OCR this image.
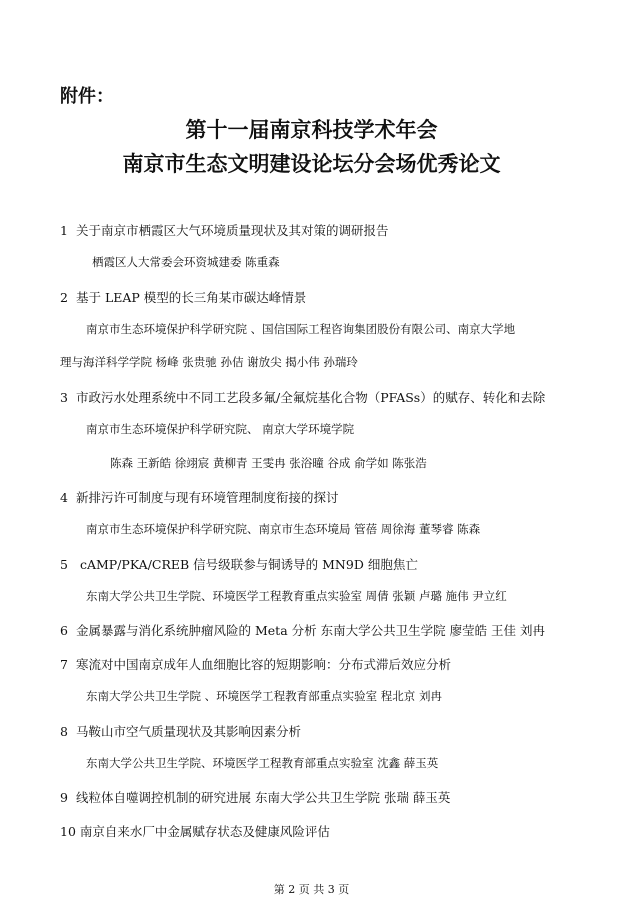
附件：
第十一届南京科技学术年会
南京市生态文明建设论坛分会场优秀论文
1 关于南京市栖霞区大气环境质量现状及其对策的调研报告
栖霞区人大常委会环资城建委 陈重森
2 基于 LEAP 模型的长三角某市碳达峰情景
南京市生态环境保护科学研究院 、国信国际工程咨询集团股份有限公司、南京大学地
理与海洋科学学院 杨峰 张贵驰 孙佶 谢放尖 揭小伟 孙瑞玲
3 市政污水处理系统中不同工艺段多氟/全氟烷基化合物（PFASs）的赋存、转化和去除
南京市生态环境保护科学研究院、 南京大学环境学院
陈森 王新皓 徐翊宸 黄柳青 王雯冉 张浴曈 谷成 俞学如 陈张浩
4 新排污许可制度与现有环境管理制度衔接的探讨
南京市生态环境保护科学研究院、南京市生态环境局 管蓓 周徐海 董琴睿 陈森
5 cAMP/PKA/CREB 信号级联参与铜诱导的 MN9D 细胞焦亡
东南大学公共卫生学院、环境医学工程教育重点实验室 周倩 张颖 卢璐 施伟 尹立红
6 金属暴露与消化系统肿瘤风险的 Meta 分析 东南大学公共卫生学院 廖莹皓 王佳 刘冉
7 寒流对中国南京成年人血细胞比容的短期影响：分布式滞后效应分析
东南大学公共卫生学院 、环境医学工程教育部重点实验室 程北京 刘冉
8 马鞍山市空气质量现状及其影响因素分析
东南大学公共卫生学院、环境医学工程教育部重点实验室 沈鑫 薛玉英
9 线粒体自噬调控机制的研究进展 东南大学公共卫生学院 张瑞 薛玉英
10 南京自来水厂中金属赋存状态及健康风险评估
第 2 页 共 3 页
